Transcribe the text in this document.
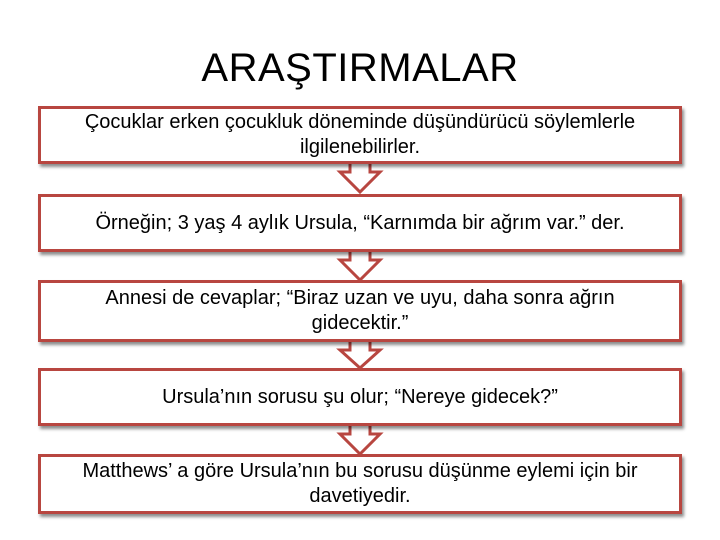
ARAŞTIRMALAR
Çocuklar erken çocukluk döneminde düşündürücü söylemlerle ilgilenebilirler.
Örneğin; 3 yaş 4 aylık Ursula, “Karnımda bir ağrım var.” der.
Annesi de cevaplar; “Biraz uzan ve uyu, daha sonra ağrın gidecektir.”
Ursula’nın sorusu şu olur; “Nereye gidecek?”
Matthews’ a göre Ursula’nın bu sorusu düşünme eylemi için bir davetiyedir.
